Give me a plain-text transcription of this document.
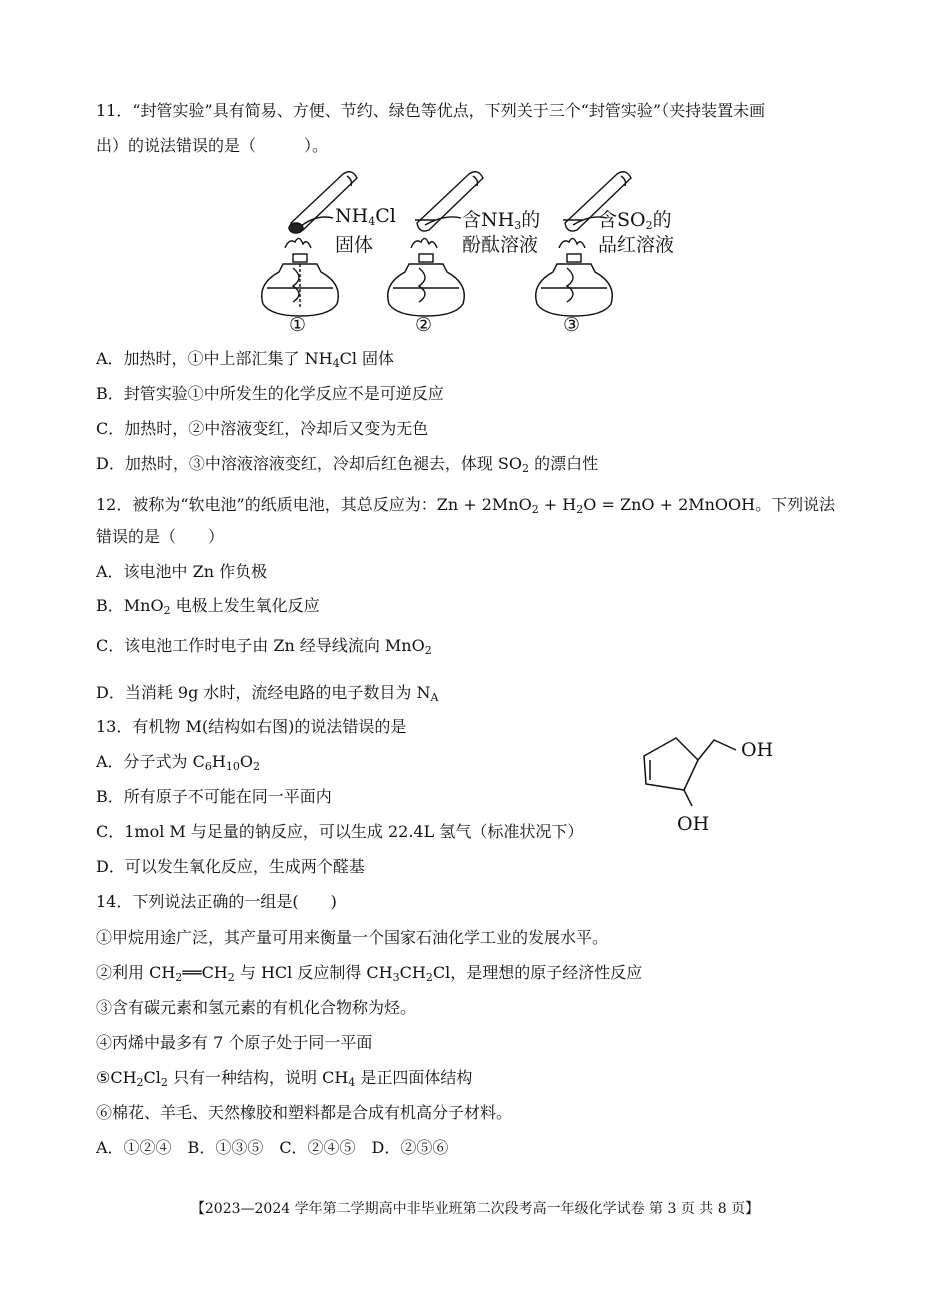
11．“封管实验”具有简易、方便、节约、绿色等优点，下列关于三个“封管实验”（夹持装置未画
出）的说法错误的是（　　　）。
$NH_4Cl$
固体
含$NH_3$的
酚酞溶液
含$SO_2$的
品红溶液
①	②	③
A．加热时，①中上部汇集了 $NH_4Cl$ 固体
B．封管实验①中所发生的化学反应不是可逆反应
C．加热时，②中溶液变红，冷却后又变为无色
D．加热时，③中溶液溶液变红，冷却后红色褪去，体现 $SO_2$ 的漂白性
12．被称为“软电池”的纸质电池，其总反应为：$Zn + 2MnO_2 + H_2O$ = ZnO + 2MnOOH。下列说法
错误的是（　　）
A．该电池中 Zn 作负极
B．MnO$_2$ 电极上发生氧化反应
C．该电池工作时电子由 Zn 经导线流向 MnO$_2$
D．当消耗 9g 水时，流经电路的电子数目为 $N_A$
13．有机物 M(结构如右图)的说法错误的是
A．分子式为 $C_6H_{10}O_2$
B．所有原子不可能在同一平面内
C．1mol M 与足量的钠反应，可以生成 22.4L 氢气（标准状况下）
D．可以发生氧化反应，生成两个醛基
OH
OH
14．下列说法正确的一组是(　　)
①甲烷用途广泛，其产量可用来衡量一个国家石油化学工业的发展水平。
②利用 $CH_2══CH_2$ 与 HCl 反应制得 $CH_3CH_2Cl$，是理想的原子经济性反应
③含有碳元素和氢元素的有机化合物称为烃。
④丙烯中最多有 7 个原子处于同一平面
$⑤CH_2Cl_2$ 只有一种结构，说明 $CH_4$ 是正四面体结构
⑥棉花、羊毛、天然橡胶和塑料都是合成有机高分子材料。
A．①②④　B．①③⑤　C．②④⑤　D．②⑤⑥
【2023—2024 学年第二学期高中非毕业班第二次段考高一年级化学试卷 第 3 页 共 8 页】
